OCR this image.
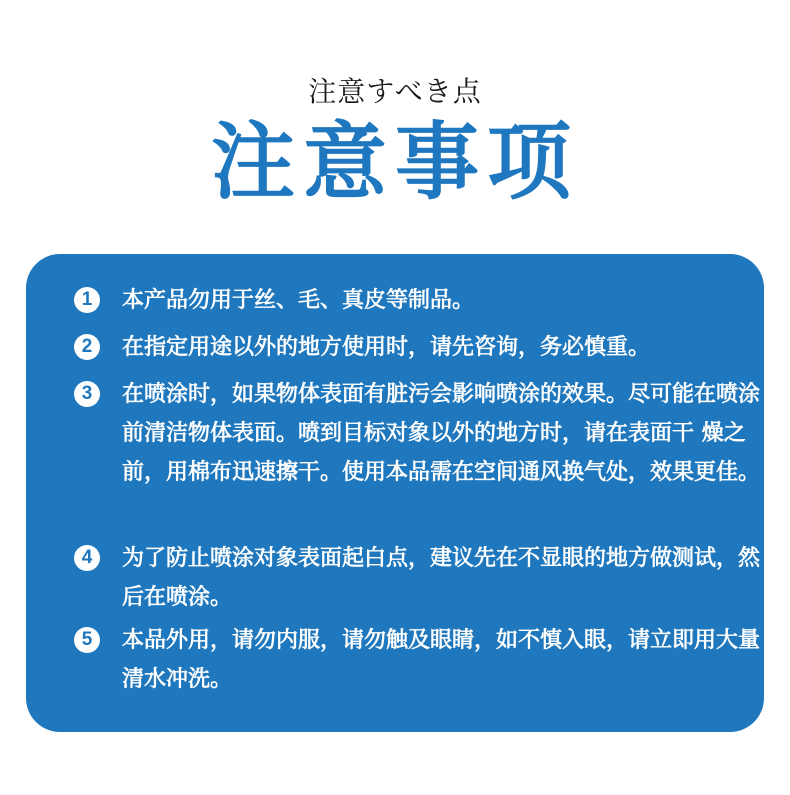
注意すべき点
注意事项
1	本产品勿用于丝、毛、真皮等制品。
2	在指定用途以外的地方使用时，请先咨询，务必慎重。
3	在喷涂时，如果物体表面有脏污会影响喷涂的效果。尽可能在喷涂前清洁物体表面。喷到目标对象以外的地方时，请在表面干 燥之前，用棉布迅速擦干。使用本品需在空间通风换气处，效果更佳。
4	为了防止喷涂对象表面起白点，建议先在不显眼的地方做测试，然后在喷涂。
5	本品外用，请勿内服，请勿触及眼睛，如不慎入眼，请立即用大量清水冲洗。
